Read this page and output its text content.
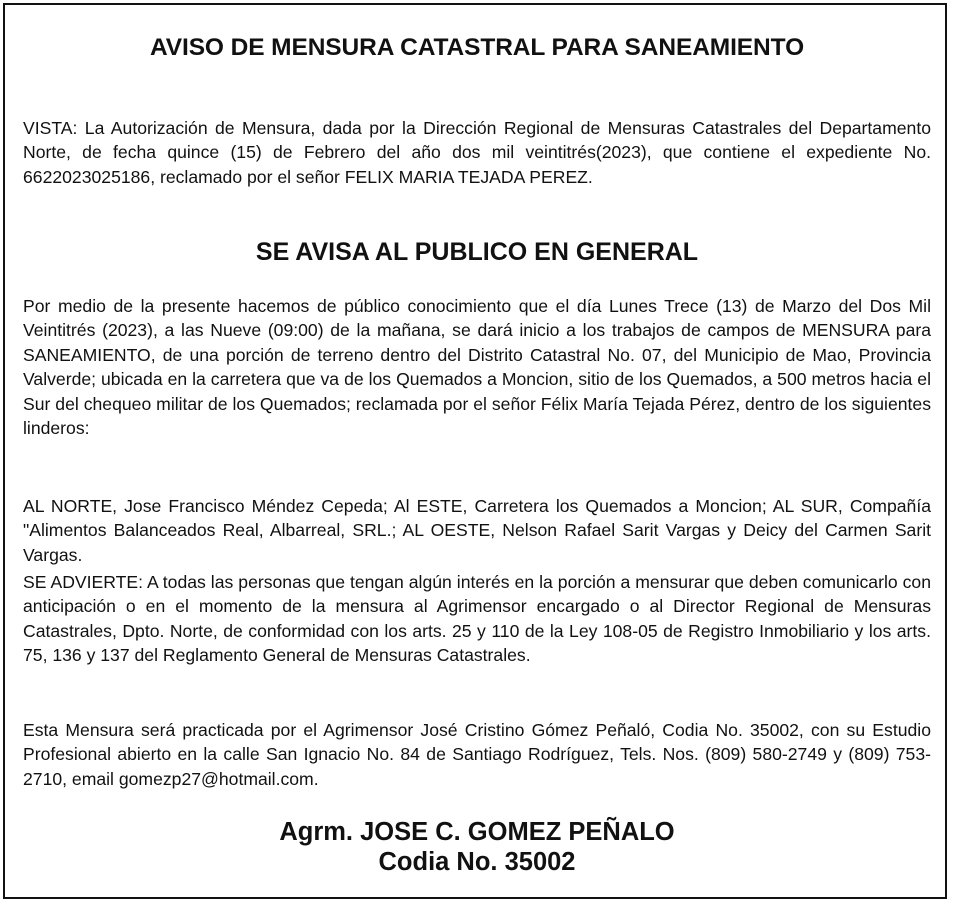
AVISO DE MENSURA CATASTRAL PARA SANEAMIENTO

VISTA: La Autorización de Mensura, dada por la Dirección Regional de Mensuras Catastrales del Departamento Norte, de fecha quince (15) de Febrero del año dos mil veintitrés(2023), que contiene el expediente No. 6622023025186, reclamado por el señor FELIX MARIA TEJADA PEREZ.

SE AVISA AL PUBLICO EN GENERAL

Por medio de la presente hacemos de público conocimiento que el día Lunes Trece (13) de Marzo del Dos Mil Veintitrés (2023), a las Nueve (09:00) de la mañana, se dará inicio a los trabajos de campos de MENSURA para SANEAMIENTO, de una porción de terreno dentro del Distrito Catastral No. 07, del Municipio de Mao, Provincia Valverde; ubicada en la carretera que va de los Quemados a Moncion, sitio de los Quemados, a 500 metros hacia el Sur del chequeo militar de los Quemados; reclamada por el señor Félix María Tejada Pérez, dentro de los siguientes linderos:

AL NORTE, Jose Francisco Méndez Cepeda; Al ESTE, Carretera los Quemados a Moncion; AL SUR, Compañía "Alimentos Balanceados Real, Albarreal, SRL.; AL OESTE, Nelson Rafael Sarit Vargas y Deicy del Carmen Sarit Vargas.

SE ADVIERTE: A todas las personas que tengan algún interés en la porción a mensurar que deben comunicarlo con anticipación o en el momento de la mensura al Agrimensor encargado o al Director Regional de Mensuras Catastrales, Dpto. Norte, de conformidad con los arts. 25 y 110 de la Ley 108-05 de Registro Inmobiliario y los arts. 75, 136 y 137 del Reglamento General de Mensuras Catastrales.

Esta Mensura será practicada por el Agrimensor José Cristino Gómez Peñaló, Codia No. 35002, con su Estudio Profesional abierto en la calle San Ignacio No. 84 de Santiago Rodríguez, Tels. Nos. (809) 580-2749 y (809) 753-2710, email gomezp27@hotmail.com.

Agrm. JOSE C. GOMEZ PEÑALO
Codia No. 35002
